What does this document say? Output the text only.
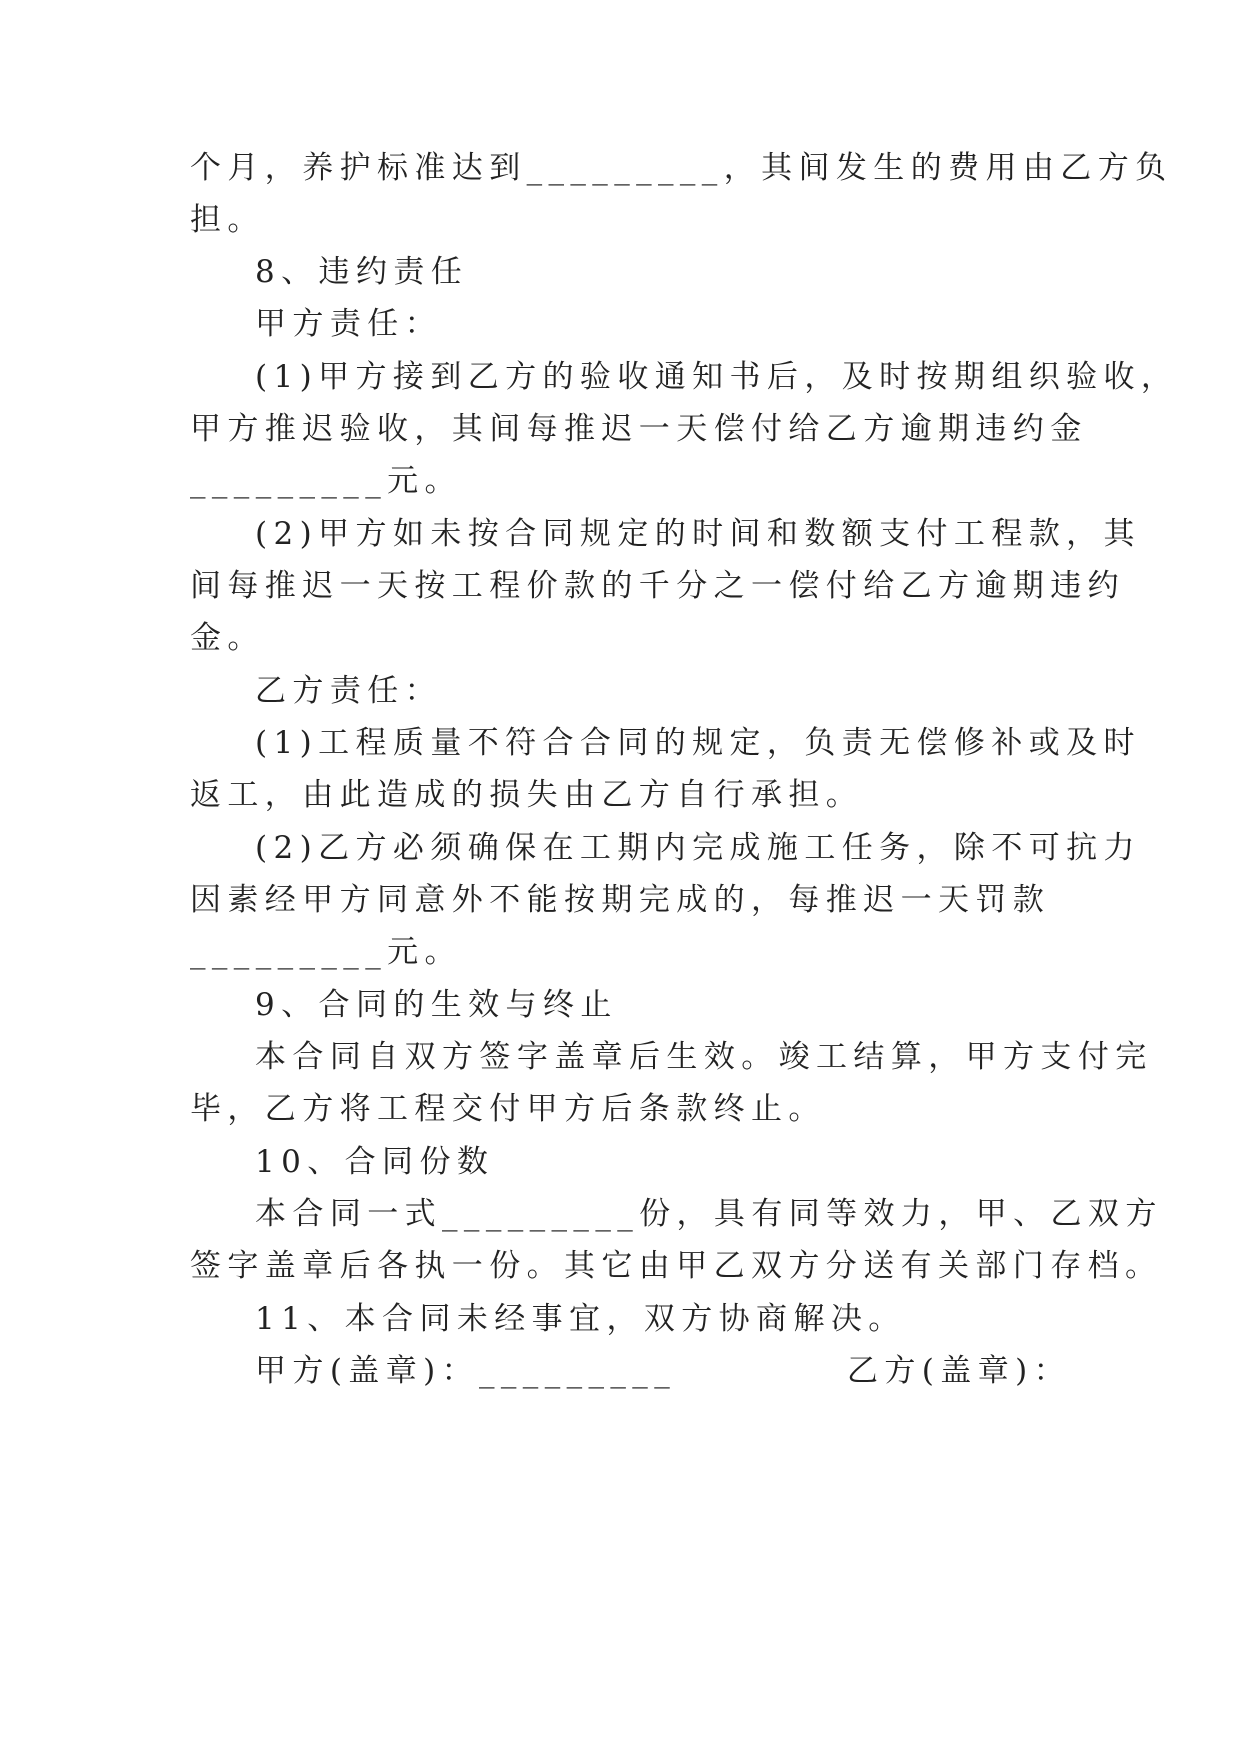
个月，养护标准达到_________，其间发生的费用由乙方负

担。

8、违约责任

甲方责任：

(1)甲方接到乙方的验收通知书后，及时按期组织验收，

甲方推迟验收，其间每推迟一天偿付给乙方逾期违约金

_________元。

(2)甲方如未按合同规定的时间和数额支付工程款，其

间每推迟一天按工程价款的千分之一偿付给乙方逾期违约

金。

乙方责任：

(1)工程质量不符合合同的规定，负责无偿修补或及时

返工，由此造成的损失由乙方自行承担。

(2)乙方必须确保在工期内完成施工任务，除不可抗力

因素经甲方同意外不能按期完成的，每推迟一天罚款

_________元。

9、合同的生效与终止

本合同自双方签字盖章后生效。竣工结算，甲方支付完

毕，乙方将工程交付甲方后条款终止。

10、合同份数

本合同一式_________份，具有同等效力，甲、乙双方

签字盖章后各执一份。其它由甲乙双方分送有关部门存档。

11、本合同未经事宜，双方协商解决。

甲方(盖章)：_________	乙方(盖章)：
